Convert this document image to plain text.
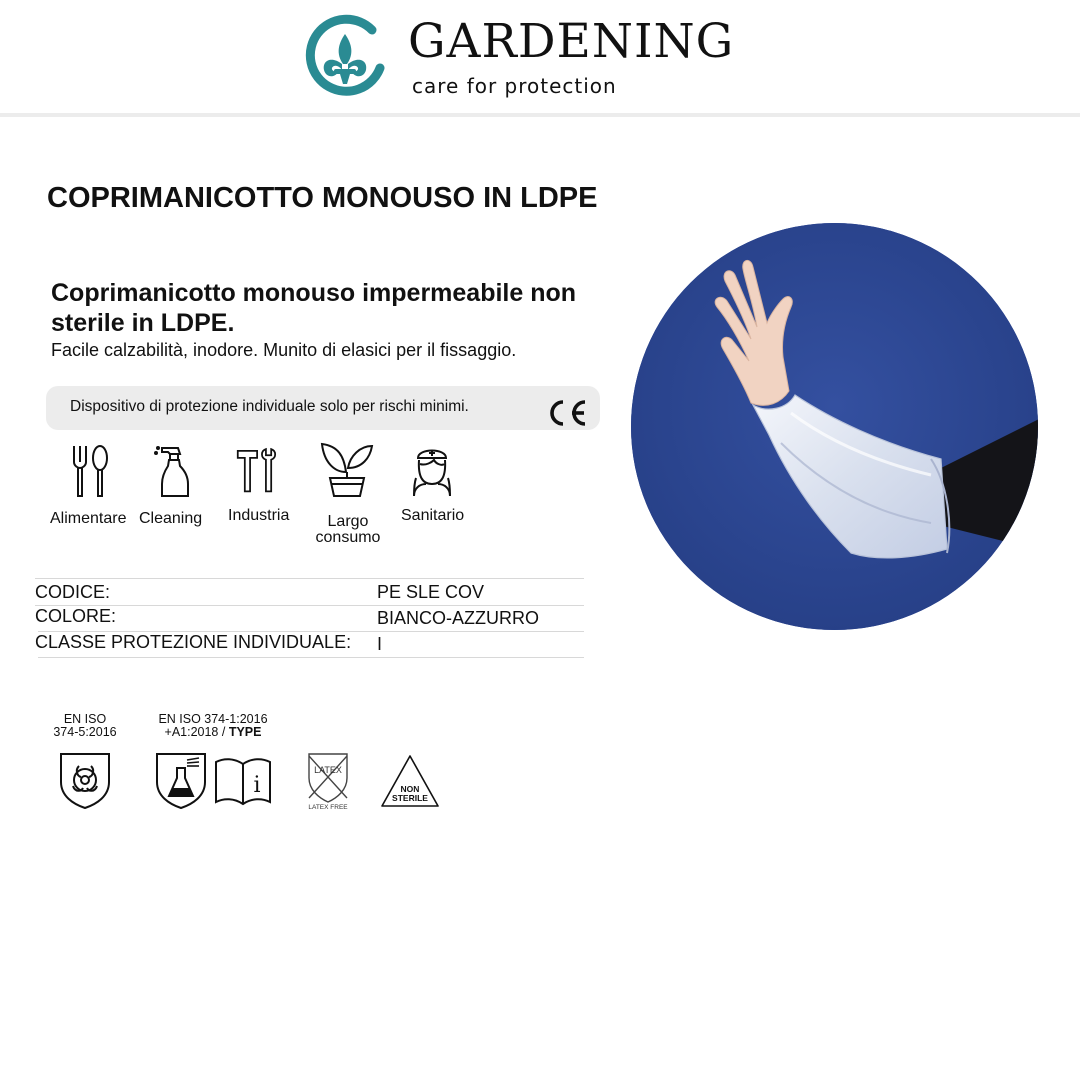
GARDENING
care for protection
COPRIMANICOTTO MONOUSO IN LDPE
Coprimanicotto monouso impermeabile non sterile in LDPE.
Facile calzabilità, inodore. Munito di elasici per il fissaggio.
Dispositivo di protezione individuale solo per rischi minimi.
Alimentare Cleaning Industria	Largo consumo
Sanitario
CODICE:	PE SLE COV
COLORE:	BIANCO-AZZURRO
CLASSE PROTEZIONE INDIVIDUALE: I
EN ISO
374-5:2016
EN ISO 374-1:2016
+A1:2018 / TYPE
i
LATEX
LATEX FREE
NON
STERILE
